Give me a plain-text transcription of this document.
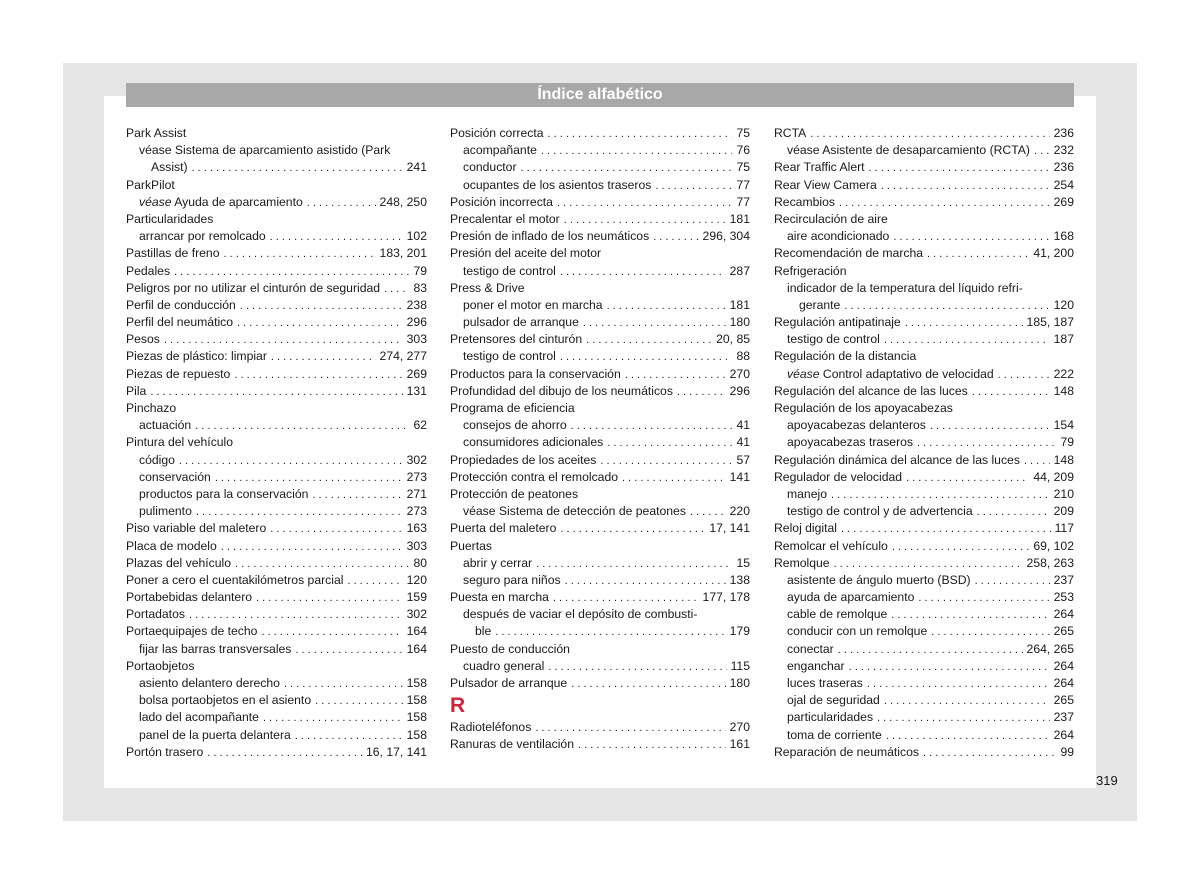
Índice alfabético
Park Assist
véase Sistema de aparcamiento asistido (Park
Assist) . . .	241
ParkPilot
véase Ayuda de aparcamiento . . .	248, 250
Particularidades
arrancar por remolcado . . .	102
Pastillas de freno . . .	183, 201
Pedales . . .	79
Peligros por no utilizar el cinturón de seguridad . . .	83
Perfil de conducción . . .	238
Perfil del neumático . . .	296
Pesos . . .	303
Piezas de plástico: limpiar . . .	274, 277
Piezas de repuesto . . .	269
Pila . . .	131
Pinchazo
actuación . . .	62
Pintura del vehículo
código . . .	302
conservación . . .	273
productos para la conservación . . .	271
pulimento . . .	273
Piso variable del maletero . . .	163
Placa de modelo . . .	303
Plazas del vehículo . . .	80
Poner a cero el cuentakilómetros parcial . . .	120
Portabebidas delantero . . .	159
Portadatos . . .	302
Portaequipajes de techo . . .	164
fijar las barras transversales . . .	164
Portaobjetos
asiento delantero derecho . . .	158
bolsa portaobjetos en el asiento . . .	158
lado del acompañante . . .	158
panel de la puerta delantera . . .	158
Portón trasero . . .	16, 17, 141
Posición correcta . . .	75
acompañante . . .	76
conductor . . .	75
ocupantes de los asientos traseros . . .	77
Posición incorrecta . . .	77
Precalentar el motor . . .	181
Presión de inflado de los neumáticos . . .	296, 304
Presión del aceite del motor
testigo de control . . .	287
Press & Drive
poner el motor en marcha . . .	181
pulsador de arranque . . .	180
Pretensores del cinturón . . .	20, 85
testigo de control . . .	88
Productos para la conservación . . .	270
Profundidad del dibujo de los neumáticos . . .	296
Programa de eficiencia
consejos de ahorro . . .	41
consumidores adicionales . . .	41
Propiedades de los aceites . . .	57
Protección contra el remolcado . . .	141
Protección de peatones
véase Sistema de detección de peatones . . .	220
Puerta del maletero . . .	17, 141
Puertas
abrir y cerrar . . .	15
seguro para niños . . .	138
Puesta en marcha . . .	177, 178
después de vaciar el depósito de combusti-
ble . . .	179
Puesto de conducción
cuadro general . . .	115
Pulsador de arranque . . .	180
R
Radioteléfonos . . .	270
Ranuras de ventilación . . .	161
RCTA . . .	236
véase Asistente de desaparcamiento (RCTA) . . . 232
Rear Traffic Alert . . .	236
Rear View Camera . . .	254
Recambios . . .	269
Recirculación de aire
aire acondicionado . . .	168
Recomendación de marcha . . .	41, 200
Refrigeración
indicador de la temperatura del líquido refri-
gerante . . .	120
Regulación antipatinaje . . .	185, 187
testigo de control . . .	187
Regulación de la distancia
véase Control adaptativo de velocidad . . .	222
Regulación del alcance de las luces . . .	148
Regulación de los apoyacabezas
apoyacabezas delanteros . . .	154
apoyacabezas traseros . . .	79
Regulación dinámica del alcance de las luces . . .	148
Regulador de velocidad . . .	44, 209
manejo . . .	210
testigo de control y de advertencia . . .	209
Reloj digital . . .	117
Remolcar el vehículo . . .	69, 102
Remolque . . .	258, 263
asistente de ángulo muerto (BSD) . . .	237
ayuda de aparcamiento . . .	253
cable de remolque . . .	264
conducir con un remolque . . .	265
conectar . . .	264, 265
enganchar . . .	264
luces traseras . . .	264
ojal de seguridad . . .	265
particularidades . . .	237
toma de corriente . . .	264
Reparación de neumáticos . . .	99
319
